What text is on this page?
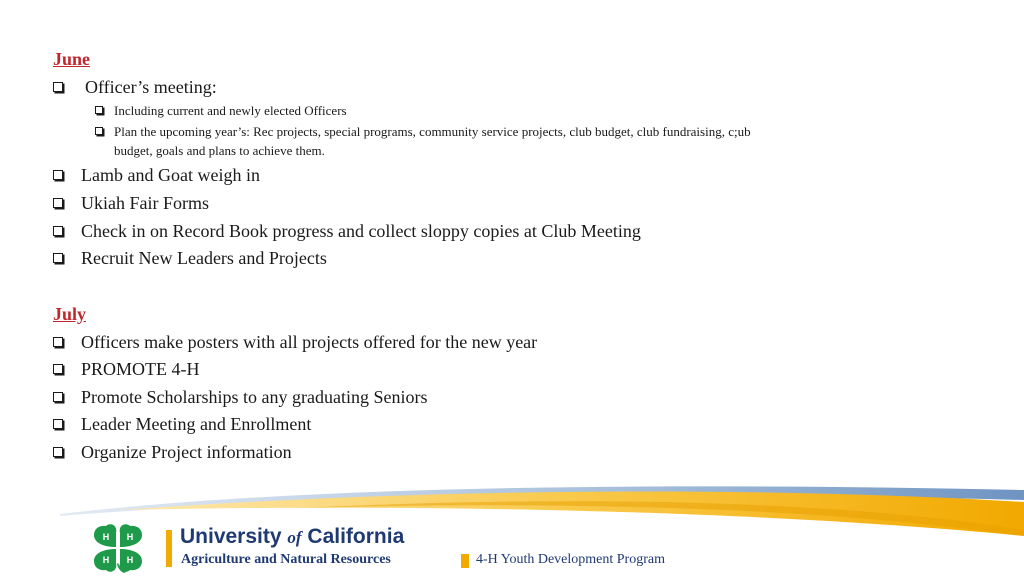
June
Officer’s meeting:
Including current and newly elected Officers
Plan the upcoming year’s: Rec projects, special programs, community service projects, club budget, club fundraising, c;ub
budget, goals and plans to achieve them.
Lamb and Goat weigh in
Ukiah Fair Forms
Check in on Record Book progress and collect sloppy copies at Club Meeting
Recruit New Leaders and Projects
July
Officers make posters with all projects offered for the new year
PROMOTE 4-H
Promote Scholarships to any graduating Seniors
Leader Meeting and Enrollment
Organize Project information
H H
H H
University of California
Agriculture and Natural Resources	4-H Youth Development Program
